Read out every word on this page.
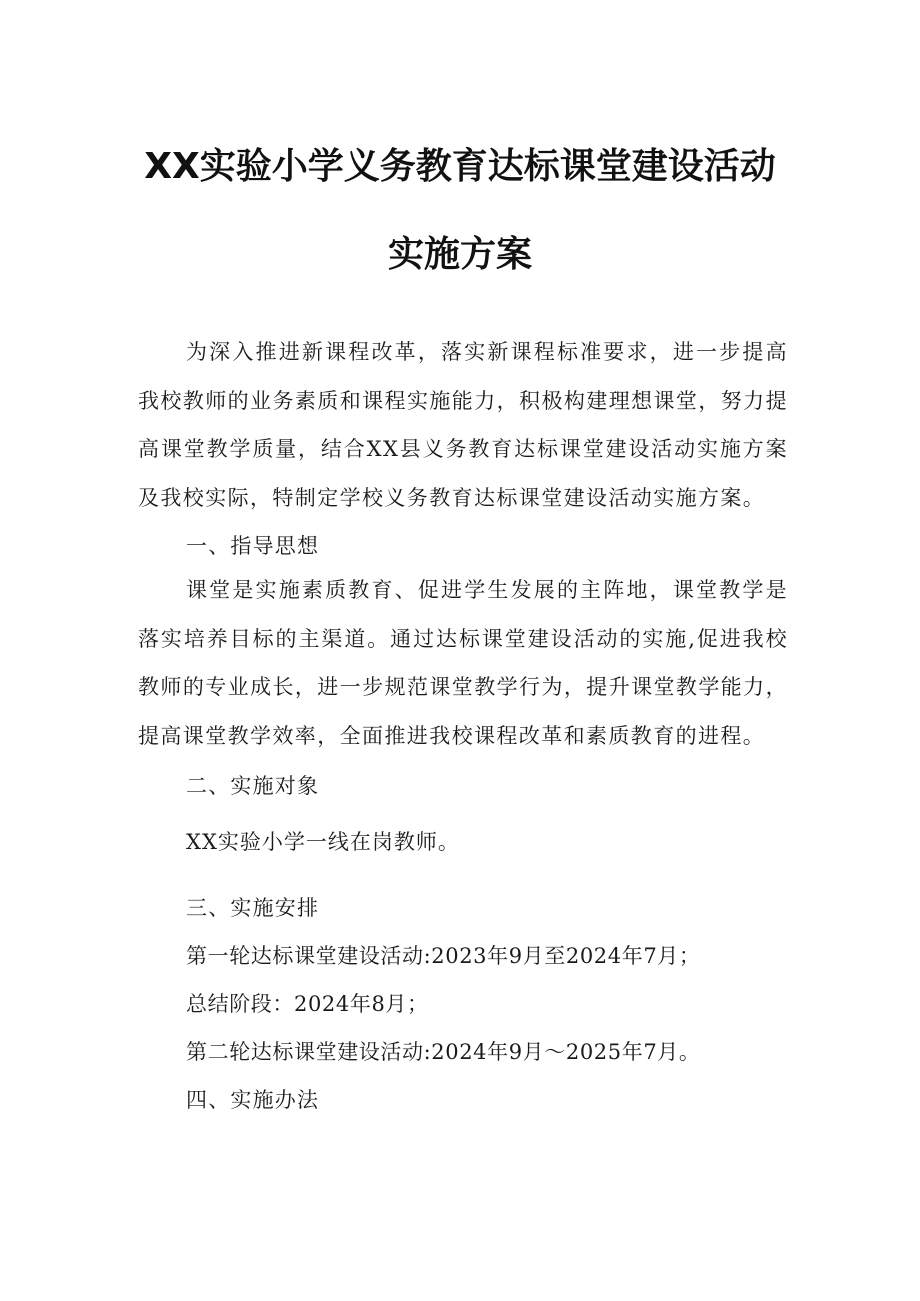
XX实验小学义务教育达标课堂建设活动
实施方案

为深入推进新课程改革，落实新课程标准要求，进一步提高我校教师的业务素质和课程实施能力，积极构建理想课堂，努力提高课堂教学质量，结合XX县义务教育达标课堂建设活动实施方案及我校实际，特制定学校义务教育达标课堂建设活动实施方案。

一、指导思想

课堂是实施素质教育、促进学生发展的主阵地，课堂教学是落实培养目标的主渠道。通过达标课堂建设活动的实施,促进我校教师的专业成长，进一步规范课堂教学行为，提升课堂教学能力，提高课堂教学效率，全面推进我校课程改革和素质教育的进程。

二、实施对象
XX实验小学一线在岗教师。
三、实施安排
第一轮达标课堂建设活动:2023年9月至2024年7月；
总结阶段：2024年8月；
第二轮达标课堂建设活动:2024年9月～2025年7月。
四、实施办法
